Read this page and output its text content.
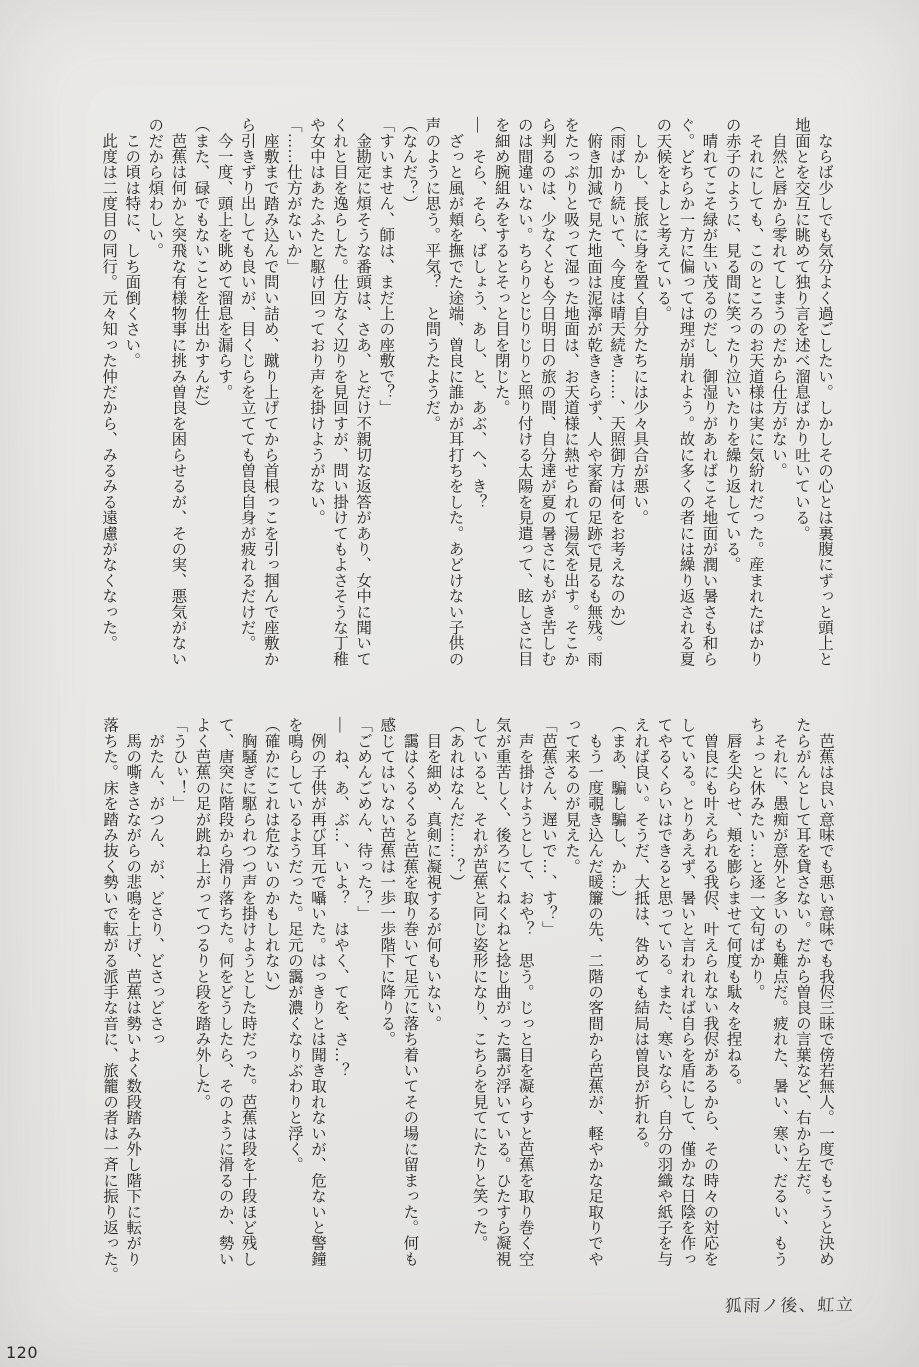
　ならば少しでも気分よく過ごしたい。しかしその心とは裏腹にずっと頭上と

地面とを交互に眺めて独り言を述べ溜息ばかり吐いている。

　自然と唇から零れてしまうのだから仕方がない。

　それにしても、このところのお天道様は実に気紛れだった。産まれたばかり

の赤子のように、見る間に笑ったり泣いたりを繰り返している。

　晴れてこそ緑が生い茂るのだし、御湿りがあればこそ地面が潤い暑さも和ら

ぐ。どちらか一方に偏っては理が崩れよう。故に多くの者には繰り返される夏

の天候をよしと考えている。

　しかし、長旅に身を置く自分たちには少々具合が悪い。

（雨ばかり続いて、今度は晴天続き……、天照御方は何をお考えなのか）

　俯き加減で見た地面は泥濘が乾ききらず、人や家畜の足跡で見るも無残。雨

をたっぷりと吸って湿った地面は、お天道様に熱せられて湯気を出す。そこか

ら判るのは、少なくとも今日明日の旅の間、自分達が夏の暑さにもがき苦しむ

のは間違いない。ちらりとじりじりと照り付ける太陽を見遣って、眩しさに目

を細め腕組みをするとそっと目を閉じた。

―　そら、そら、ばしょう、あし、と、あぶ、へ、き？

　ざっと風が頬を撫でた途端、曽良に誰かが耳打ちをした。あどけない子供の

声のように思う。平気？　と問うたようだ。

（なんだ？）

「すいません、師は、まだ上の座敷で？」

　金勘定に煩そうな番頭は、さあ、とだけ不親切な返答があり、女中に聞いて

くれと目を逸らした。仕方なく辺りを見回すが、問い掛けてもよさそうな丁稚

や女中はあたふたと駆け回っており声を掛けようがない。

「……仕方がないか」

　座敷まで踏み込んで問い詰め、蹴り上げてから首根っこを引っ掴んで座敷か

ら引きずり出しても良いが、目くじらを立てても曽良自身が疲れるだけだ。

　今一度、頭上を眺めて溜息を漏らす。

（また、碌でもないことを仕出かすんだ）

　芭蕉は何かと突飛な有様物事に挑み曽良を困らせるが、その実、悪気がない

のだから煩わしい。

　この頃は特に、しち面倒くさい。

　此度は二度目の同行。元々知った仲だから、みるみる遠慮がなくなった。

　芭蕉は良い意味でも悪い意味でも我侭三昧で傍若無人。一度でもこうと決め

たらがんとして耳を貸さない。だから曽良の言葉など、右から左だ。

　それに、愚痴が意外と多いのも難点だ。疲れた、暑い、寒い、だるい、もう

ちょっと休みたい…と逐一文句ばかり。

　唇を尖らせ、頬を膨らませて何度も駄々を捏ねる。

　曽良にも叶えられる我侭、叶えられない我侭があるから、その時々の対応を

している。とりあえず、暑いと言われれば自らを盾にして、僅かな日陰を作っ

てやるくらいはできると思っている。また、寒いなら、自分の羽織や紙子を与

えれば良い。そうだ、大抵は、咎めても結局は曽良が折れる。

（まあ、騙し騙し、か…）

　もう一度覗き込んだ暖簾の先、二階の客間から芭蕉が、軽やかな足取りでや

って来るのが見えた。

「芭蕉さん、遅いで…、す？」

　声を掛けようとして、おや？　思う。じっと目を凝らすと芭蕉を取り巻く空

気が重苦しく、後ろにくねくねと捻じ曲がった靄が浮いている。ひたすら凝視

していると、それが芭蕉と同じ姿形になり、こちらを見てにたりと笑った。

（あれはなんだ……？）

　目を細め、真剣に凝視するが何もいない。

　靄はくるくると芭蕉を取り巻いて足元に落ち着いてその場に留まった。何も

感じてはいない芭蕉は一歩一歩階下に降りる。

「ごめんごめん、待った？」

―　ね、あ、ぶ…、いよ？　はやく、てを、さ…？

　例の子供が再び耳元で囁いた。はっきりとは聞き取れないが、危ないと警鐘

を鳴らしているようだった。足元の靄が濃くなりぶわりと浮く。

（確かにこれは危ないのかもしれない）

　胸騒ぎに駆られつつ声を掛けようとした時だった。芭蕉は段を十段ほど残し

て、唐突に階段から滑り落ちた。何をどうしたら、そのように滑るのか、勢い

よく芭蕉の足が跳ね上がってつるりと段を踏み外した。

「うひぃ！」

　がたん、がつん、が、どさり、どさっどさっ

　馬の嘶きさながらの悲鳴を上げ、芭蕉は勢いよく数段踏み外し階下に転がり

落ちた。床を踏み抜く勢いで転がる派手な音に、旅籠の者は一斉に振り返った。

狐雨ノ後、虹立
120
